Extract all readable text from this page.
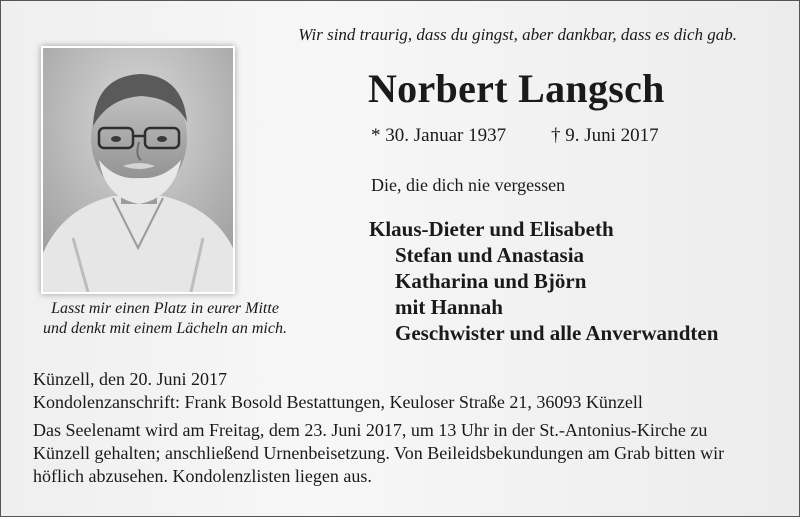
Wir sind traurig, dass du gingst, aber dankbar, dass es dich gab.
Lasst mir einen Platz in eurer Mitte
und denkt mit einem Lächeln an mich.
Norbert Langsch
* 30. Januar 1937 † 9. Juni 2017
Die, die dich nie vergessen
Klaus-Dieter und Elisabeth
Stefan und Anastasia
Katharina und Björn
mit Hannah
Geschwister und alle Anverwandten
Künzell, den 20. Juni 2017
Kondolenzanschrift: Frank Bosold Bestattungen, Keuloser Straße 21, 36093 Künzell
Das Seelenamt wird am Freitag, dem 23. Juni 2017, um 13 Uhr in der St.-Antonius-Kirche zu
Künzell gehalten; anschließend Urnenbeisetzung. Von Beileidsbekundungen am Grab bitten wir
höflich abzusehen. Kondolenzlisten liegen aus.
